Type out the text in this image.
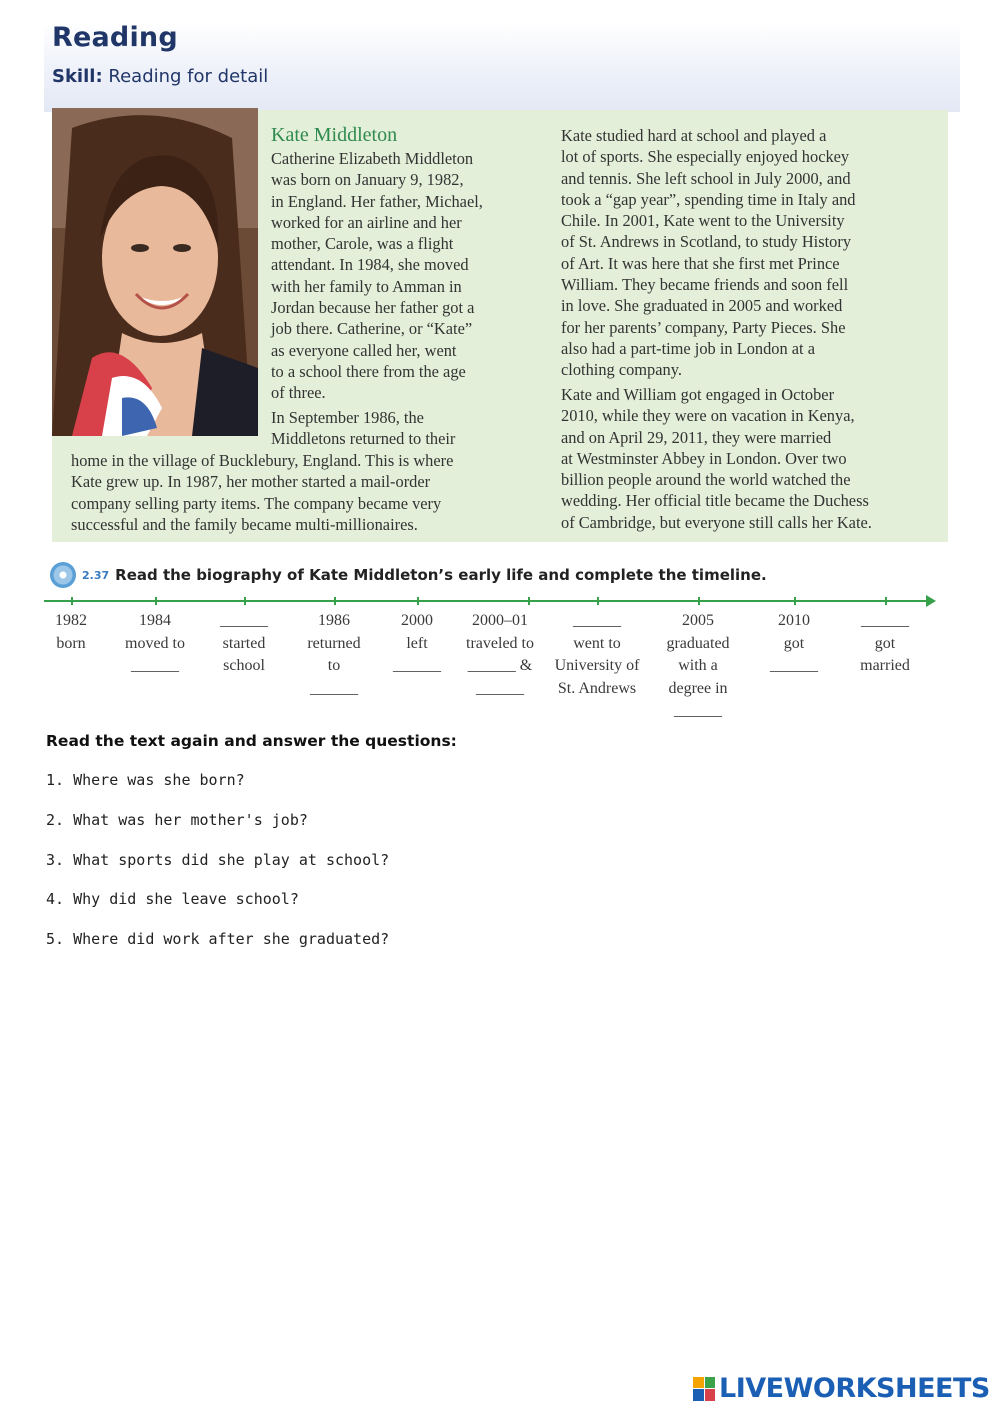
Reading
Skill: Reading for detail
Kate Middleton
Catherine Elizabeth Middleton
was born on January 9, 1982,
in England. Her father, Michael,
worked for an airline and her
mother, Carole, was a flight
attendant. In 1984, she moved
with her family to Amman in
Jordan because her father got a
job there. Catherine, or “Kate”
as everyone called her, went
to a school there from the age
of three.
In September 1986, the
Middletons returned to their
home in the village of Bucklebury, England. This is where
Kate grew up. In 1987, her mother started a mail-order
company selling party items. The company became very
successful and the family became multi-millionaires.
Kate studied hard at school and played a
lot of sports. She especially enjoyed hockey
and tennis. She left school in July 2000, and
took a “gap year”, spending time in Italy and
Chile. In 2001, Kate went to the University
of St. Andrews in Scotland, to study History
of Art. It was here that she first met Prince
William. They became friends and soon fell
in love. She graduated in 2005 and worked
for her parents’ company, Party Pieces. She
also had a part-time job in London at a
clothing company.
Kate and William got engaged in October
2010, while they were on vacation in Kenya,
and on April 29, 2011, they were married
at Westminster Abbey in London. Over two
billion people around the world watched the
wedding. Her official title became the Duchess
of Cambridge, but everyone still calls her Kate.
2.37 Read the biography of Kate Middleton’s early life and complete the timeline.
1982
born
1984
moved to
______
______
started
school
1986
returned
to
______
2000
left
______
2000–01
traveled to
______ &
______
______
went to
University of
St. Andrews
2005
graduated
with a
degree in
______
2010
got
______
______
got
married
Read the text again and answer the questions:
1. Where was she born?
2. What was her mother's job?
3. What sports did she play at school?
4. Why did she leave school?
5. Where did work after she graduated?
LIVEWORKSHEETS
